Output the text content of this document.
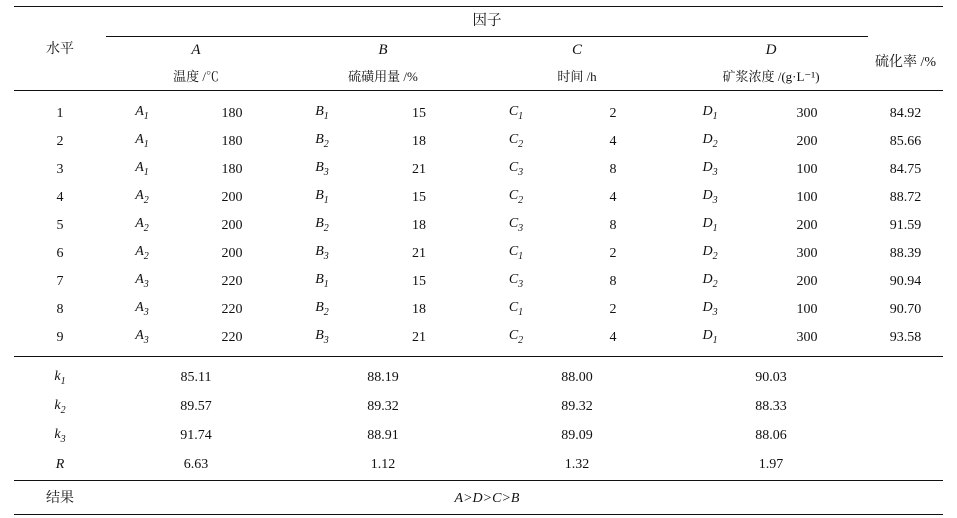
	因子								
水平	A		B		C		D		硫化率 /%
	温度 /℃		硫磺用量 /%		时间 /h		矿浆浓度 /(g·L⁻¹)		

1	$A_1$	180	$B_1$	15	$C_1$	2	$D_1$	300	84.92
2	$A_1$	180	$B_2$	18	$C_2$	4	$D_2$	200	85.66
3	$A_1$	180	$B_3$	21	$C_3$	8	$D_3$	100	84.75
4	$A_2$	200	$B_1$	15	$C_2$	4	$D_3$	100	88.72
5	$A_2$	200	$B_2$	18	$C_3$	8	$D_1$	200	91.59
6	$A_2$	200	$B_3$	21	$C_1$	2	$D_2$	300	88.39
7	$A_3$	220	$B_1$	15	$C_3$	8	$D_2$	200	90.94
8	$A_3$	220	$B_2$	18	$C_1$	2	$D_3$	100	90.70
9	$A_3$	220	$B_3$	21	$C_2$	4	$D_1$	300	93.58

$k_1$	85.11		88.19		88.00		90.03		
$k_2$	89.57		89.32		89.32		88.33		
$k_3$	91.74		88.91		89.09		88.06		
R	6.63		1.12		1.32		1.97		

结果	A>D>C>B								
